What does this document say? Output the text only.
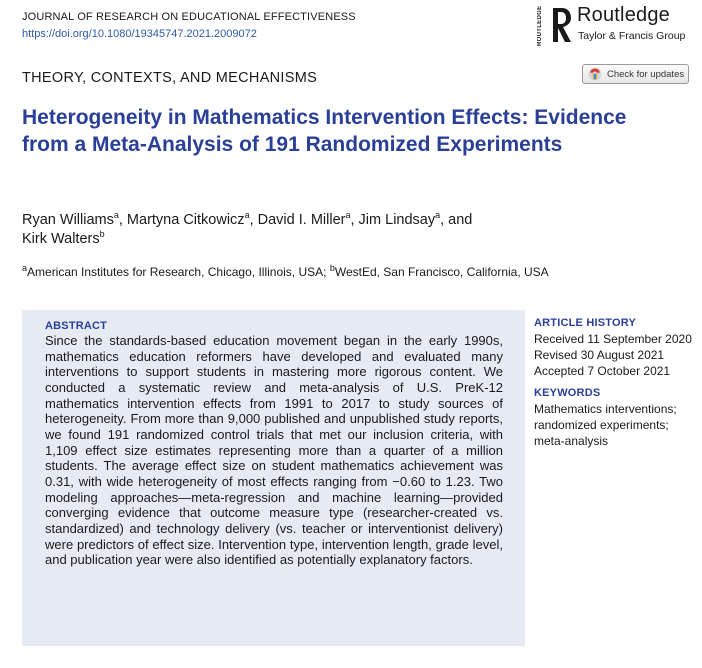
JOURNAL OF RESEARCH ON EDUCATIONAL EFFECTIVENESS
https://doi.org/10.1080/19345747.2021.2009072	ROUTLEDGE Routledge
Taylor & Francis Group
THEORY, CONTEXTS, AND MECHANISMS	Check for updates
Heterogeneity in Mathematics Intervention Effects: Evidence from a Meta-Analysis of 191 Randomized Experiments
Ryan Williams$^a$, Martyna Citkowicz$^a$, David I. Miller$^a$, Jim Lindsay$^a$, and
Kirk Walters$^b$
$^a$American Institutes for Research, Chicago, Illinois, USA; $^b$WestEd, San Francisco, California, USA
ABSTRACT
Since the standards-based education movement began in the early 1990s, mathematics education reformers have developed and evaluated many interventions to support students in mastering more rigorous content. We conducted a systematic review and meta-analysis of U.S. PreK-12 mathematics intervention effects from 1991 to 2017 to study sources of heterogeneity. From more than 9,000 published and unpublished study reports, we found 191 randomized control trials that met our inclusion criteria, with 1,109 effect size estimates representing more than a quarter of a million students. The average effect size on student mathematics achievement was 0.31, with wide heterogeneity of most effects ranging from −0.60 to 1.23. Two modeling approaches—meta-regression and machine learning—provided converging evidence that outcome measure type (researcher-created vs. standardized) and technology delivery (vs. teacher or interventionist delivery) were predictors of effect size. Intervention type, intervention length, grade level, and publication year were also identified as potentially explanatory factors.
ARTICLE HISTORY
Received 11 September 2020
Revised 30 August 2021
Accepted 7 October 2021
KEYWORDS
Mathematics interventions;
randomized experiments;
meta-analysis
